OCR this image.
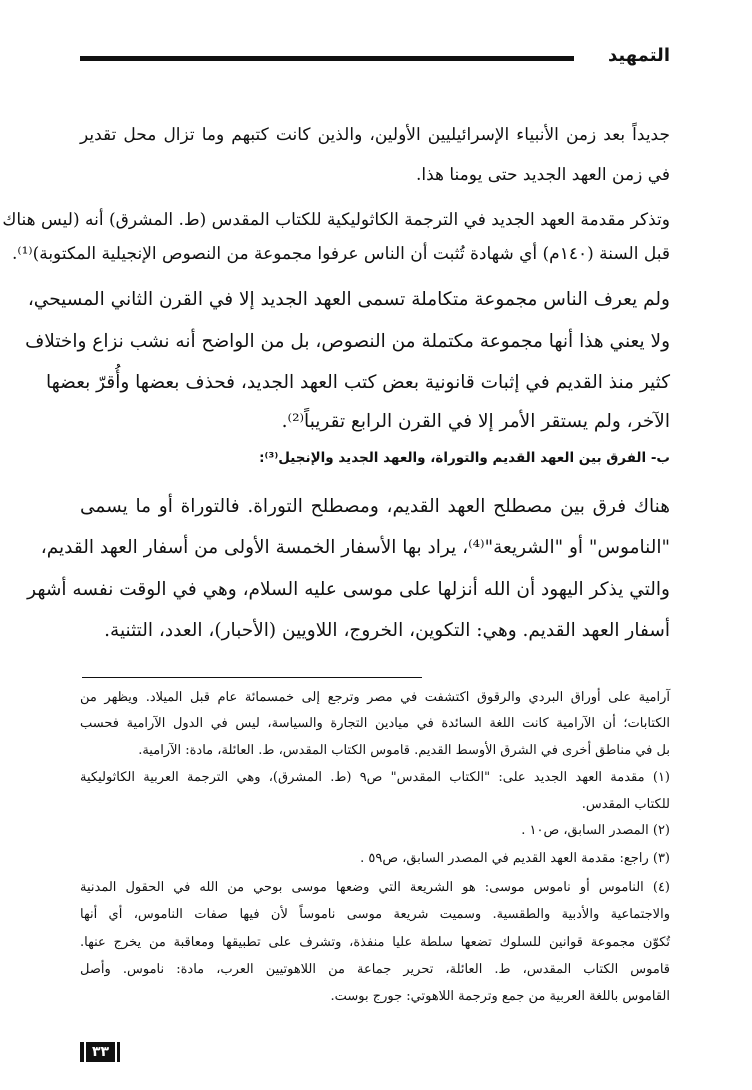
التمهيد
جديداً بعد زمن الأنبياء الإسرائيليين الأولين، والذين كانت كتبهم وما تزال محل تقدير
في زمن العهد الجديد حتى يومنا هذا.
وتذكر مقدمة العهد الجديد في الترجمة الكاثوليكية للكتاب المقدس (ط. المشرق) أنه (ليس هناك
قبل السنة (١٤٠م) أي شهادة تُثبت أن الناس عرفوا مجموعة من النصوص الإنجيلية المكتوبة)⁽¹⁾.
ولم يعرف الناس مجموعة متكاملة تسمى العهد الجديد إلا في القرن الثاني المسيحي،
ولا يعني هذا أنها مجموعة مكتملة من النصوص، بل من الواضح أنه نشب نزاع واختلاف
كثير منذ القديم في إثبات قانونية بعض كتب العهد الجديد، فحذف بعضها وأُقرّ بعضها
الآخر، ولم يستقر الأمر إلا في القرن الرابع تقريباً⁽²⁾.
ب- الفرق بين العهد القديم والتوراة، والعهد الجديد والإنجيل⁽³⁾:
هناك فرق بين مصطلح العهد القديم، ومصطلح التوراة. فالتوراة أو ما يسمى
"الناموس" أو "الشريعة"⁽⁴⁾، يراد بها الأسفار الخمسة الأولى من أسفار العهد القديم،
والتي يذكر اليهود أن الله أنزلها على موسى عليه السلام، وهي في الوقت نفسه أشهر
أسفار العهد القديم. وهي: التكوين، الخروج، اللاويين (الأحبار)، العدد، التثنية.
آرامية على أوراق البردي والرقوق اكتشفت في مصر وترجع إلى خمسمائة عام قبل الميلاد. ويظهر من
الكتابات؛ أن الآرامية كانت اللغة السائدة في ميادين التجارة والسياسة، ليس في الدول الآرامية فحسب
بل في مناطق أخرى في الشرق الأوسط القديم. قاموس الكتاب المقدس، ط. العائلة، مادة: الآرامية.
(١) مقدمة العهد الجديد على: "الكتاب المقدس" ص٩ (ط. المشرق)، وهي الترجمة العربية الكاثوليكية
للكتاب المقدس.
(٢) المصدر السابق، ص١٠ .
(٣) راجع: مقدمة العهد القديم في المصدر السابق، ص٥٩ .
(٤) الناموس أو ناموس موسى: هو الشريعة التي وضعها موسى بوحي من الله في الحقول المدنية
والاجتماعية والأدبية والطقسية. وسميت شريعة موسى ناموساً لأن فيها صفات الناموس، أي أنها
تُكوّن مجموعة قوانين للسلوك تضعها سلطة عليا منفذة، وتشرف على تطبيقها ومعاقبة من يخرج عنها.
قاموس الكتاب المقدس، ط. العائلة، تحرير جماعة من اللاهوتيين العرب، مادة: ناموس. وأصل
القاموس باللغة العربية من جمع وترجمة اللاهوتي: جورج بوست.
٣٣
